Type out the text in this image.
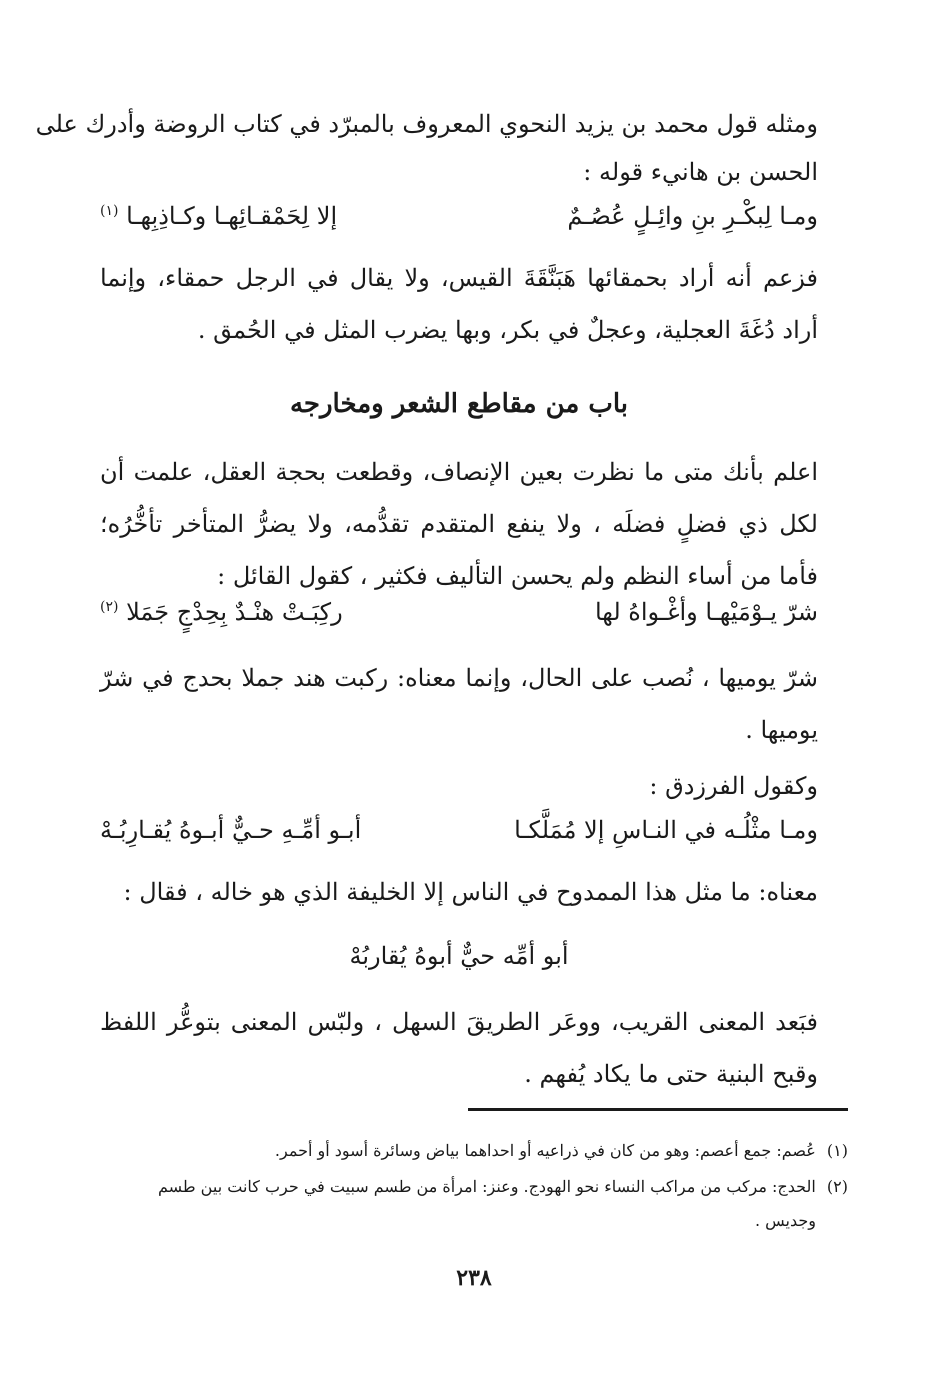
ومثله قول محمد بن يزيد النحوي المعروف بالمبرّد في كتاب الروضة وأدرك على

الحسن بن هانيء قوله :

ومـا لِبكْـرِ بنِ وائِـلٍ عُصُـمٌ
إلا لِحَمْقـائِهـا وكـاذِبِهـا $^{(١)}$

فزعم أنه أراد بحمقائها هَبَنَّقَةَ القيس، ولا يقال في الرجل حمقاء، وإنما أراد دُغَةَ العجلية، وعجلٌ في بكر، وبها يضرب المثل في الحُمق .

باب من مقاطع الشعر ومخارجه

اعلم بأنك متى ما نظرت بعين الإنصاف، وقطعت بحجة العقل، علمت أن لكل ذي فضلٍ فضلَه ، ولا ينفع المتقدم تقدُّمه، ولا يضرُّ المتأخر تأخُّرُه؛ فأما من أساء النظم ولم يحسن التأليف فكثير ، كقول القائل :

شرّ يـوْمَيْهـا وأغْـواهُ لها
ركِبَـتْ هنْـدٌ بِحِدْجٍ جَمَلا $^{(٢)}$

شرّ يوميها ، نُصب على الحال، وإنما معناه: ركبت هند جملا بحدج في شرّ يوميها .

وكقول الفرزدق :

ومـا مثْلُـه في النـاسِ إلا مُمَلَّكـا
أبـو أمِّـهِ حـيٌّ أبـوهُ يُقـارِبُـهْ

معناه: ما مثل هذا الممدوح في الناس إلا الخليفة الذي هو خاله ، فقال :

أبو أمِّه حيٌّ أبوهُ يُقاربُهْ

فبَعد المعنى القريب، ووعَر الطريقَ السهل ، ولبّس المعنى بتوعُّر اللفظ وقبح البنية حتى ما يكاد يُفهم .

(١) عُصم: جمع أعصم: وهو من كان في ذراعيه أو احداهما بياض وسائرة أسود أو أحمر.

(٢) الحدج: مركب من مراكب النساء نحو الهودج. وعنز: امرأة من طسم سبيت في حرب كانت بين طسم
وجديس .

٢٣٨
